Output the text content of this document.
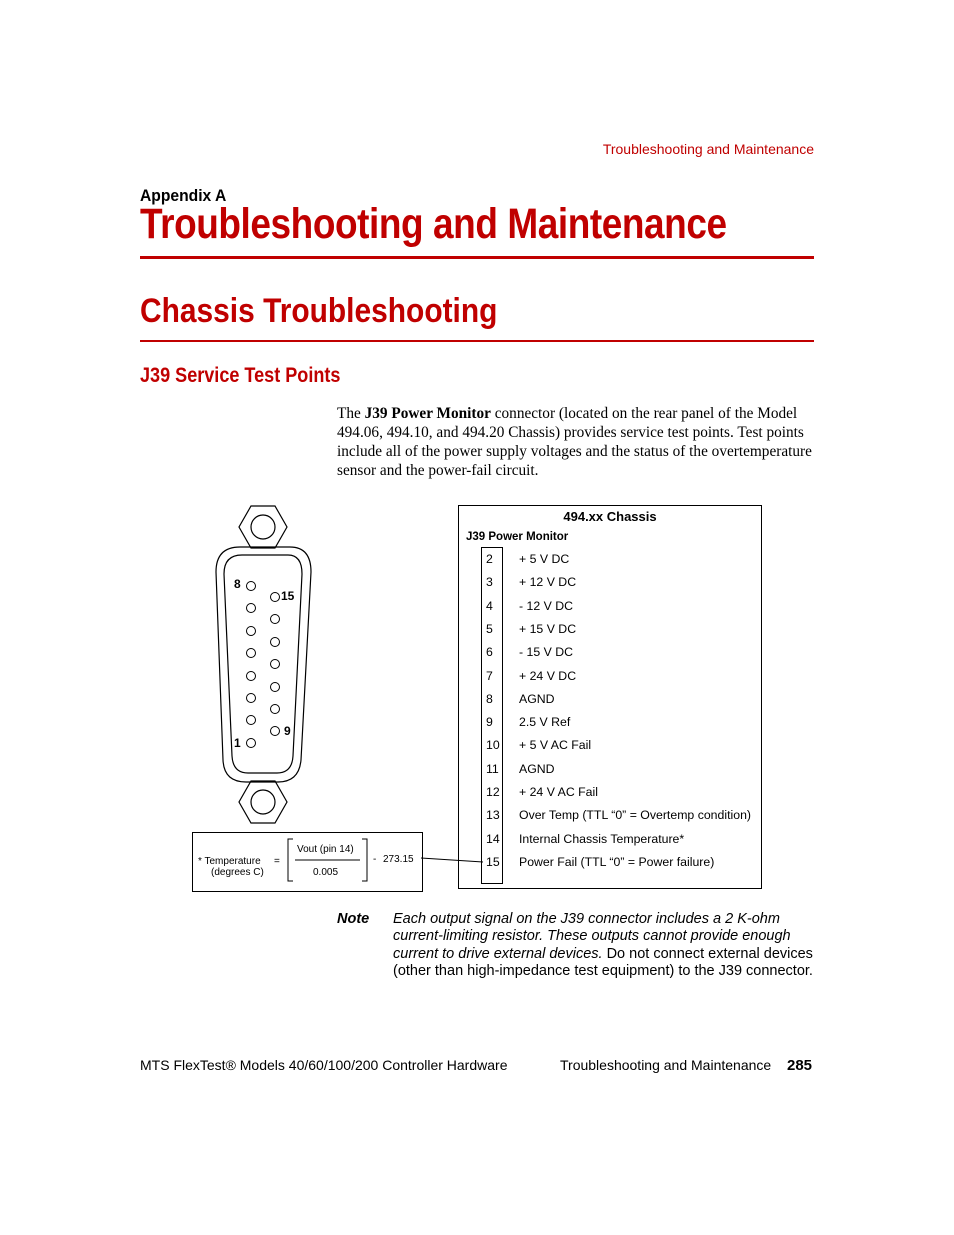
Troubleshooting and Maintenance
Appendix A
Troubleshooting and Maintenance
Chassis Troubleshooting
J39 Service Test Points
The J39 Power Monitor connector (located on the rear panel of the Model 494.06, 494.10, and 494.20 Chassis) provides service test points. Test points include all of the power supply voltages and the status of the overtemperature sensor and the power-fail circuit.
8
15
1
9
494.xx Chassis
J39 Power Monitor
2 + 5 V DC
3 + 12 V DC
4 - 12 V DC
5 + 15 V DC
6 - 15 V DC
7 + 24 V DC
8 AGND
9 2.5 V Ref
10 + 5 V AC Fail
11 AGND
12 + 24 V AC Fail
13 Over Temp (TTL “0” = Overtemp condition)
14 Internal Chassis Temperature*
15 Power Fail (TTL “0” = Power failure)
* Temperature
(degrees C)
=
Vout (pin 14)
0.005
- 273.15
Note Each output signal on the J39 connector includes a 2 K-ohm current-limiting resistor. These outputs cannot provide enough current to drive external devices. Do not connect external devices (other than high-impedance test equipment) to the J39 connector.
MTS FlexTest® Models 40/60/100/200 Controller Hardware	Troubleshooting and Maintenance 285
